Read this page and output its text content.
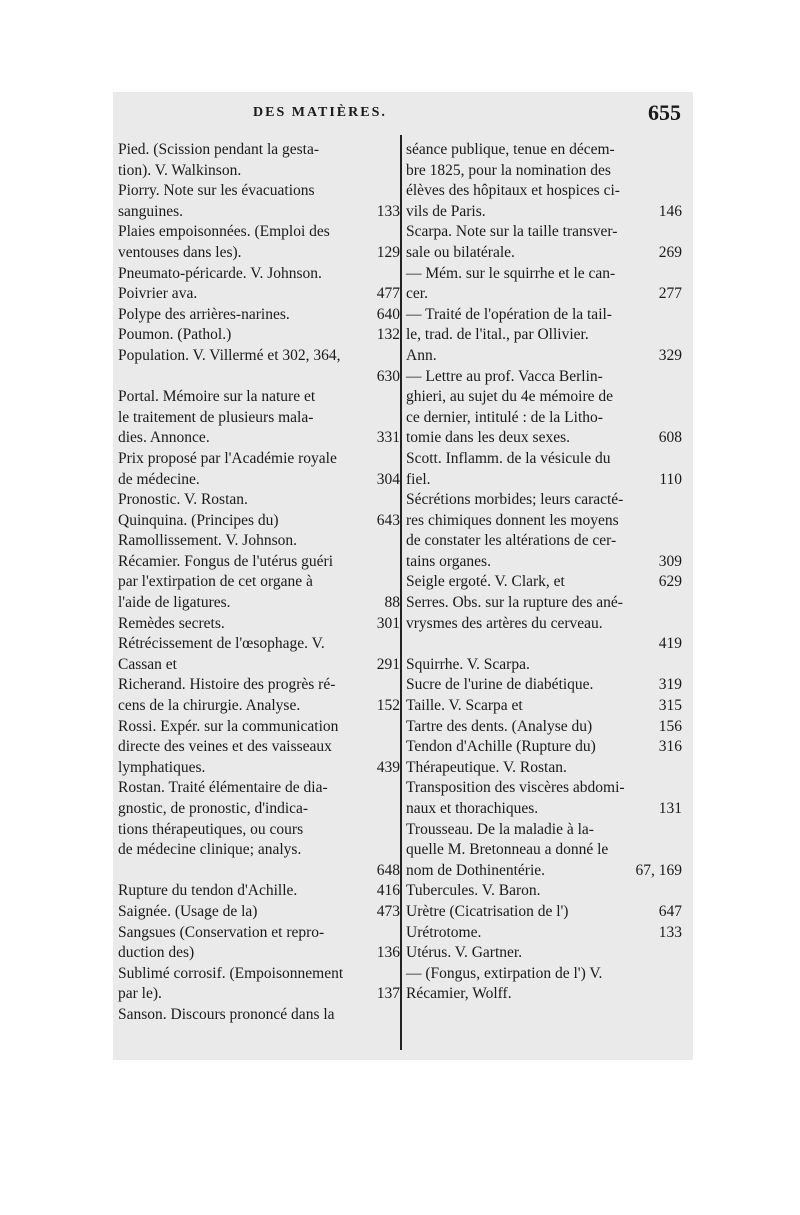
DES MATIÈRES.	655

Pied. (Scission pendant la gesta-
tion). V. Walkinson.

Piorry. Note sur les évacuations
133
sanguines.

Plaies empoisonnées. (Emploi des
129
ventouses dans les).

Pneumato-péricarde. V. Johnson.

477
Poivrier ava.

640
Polype des arrières-narines.

132
Poumon. (Pathol.)

Population. V. Villermé et 302, 364,

630

Portal. Mémoire sur la nature et
le traitement de plusieurs mala-
331
dies. Annonce.

Prix proposé par l'Académie royale
304
de médecine.

Pronostic. V. Rostan.

643
Quinquina. (Principes du)

Ramollissement. V. Johnson.

Récamier. Fongus de l'utérus guéri
par l'extirpation de cet organe à
88
l'aide de ligatures.

301
Remèdes secrets.

Rétrécissement de l'œsophage. V.
291
Cassan et

Richerand. Histoire des progrès ré-
152
cens de la chirurgie. Analyse.

Rossi. Expér. sur la communication
directe des veines et des vaisseaux
439
lymphatiques.

Rostan. Traité élémentaire de dia-
gnostic, de pronostic, d'indica-
tions thérapeutiques, ou cours
de médecine clinique; analys.

648

416
Rupture du tendon d'Achille.

473
Saignée. (Usage de la)

Sangsues (Conservation et repro-
136
duction des)

Sublimé corrosif. (Empoisonnement
137
par le).

Sanson. Discours prononcé dans la

séance publique, tenue en décem-
bre 1825, pour la nomination des
élèves des hôpitaux et hospices ci-
146
vils de Paris.

Scarpa. Note sur la taille transver-
269
sale ou bilatérale.

— Mém. sur le squirrhe et le can-
277
cer.

— Traité de l'opération de la tail-
le, trad. de l'ital., par Ollivier.
329
Ann.

— Lettre au prof. Vacca Berlin-
ghieri, au sujet du 4e mémoire de
ce dernier, intitulé : de la Litho-
608
tomie dans les deux sexes.

Scott. Inflamm. de la vésicule du
110
fiel.

Sécrétions morbides; leurs caracté-
res chimiques donnent les moyens
de constater les altérations de cer-
309
tains organes.

629
Seigle ergoté. V. Clark, et

Serres. Obs. sur la rupture des ané-
vrysmes des artères du cerveau.

419

Squirrhe. V. Scarpa.

319
Sucre de l'urine de diabétique.

315
Taille. V. Scarpa et

156
Tartre des dents. (Analyse du)

316
Tendon d'Achille (Rupture du)

Thérapeutique. V. Rostan.

Transposition des viscères abdomi-
131
naux et thorachiques.

Trousseau. De la maladie à la-
quelle M. Bretonneau a donné le
67, 169
nom de Dothinentérie.

Tubercules. V. Baron.

647
Urètre (Cicatrisation de l')

133
Urétrotome.

Utérus. V. Gartner.

— (Fongus, extirpation de l') V.
Récamier, Wolff.
